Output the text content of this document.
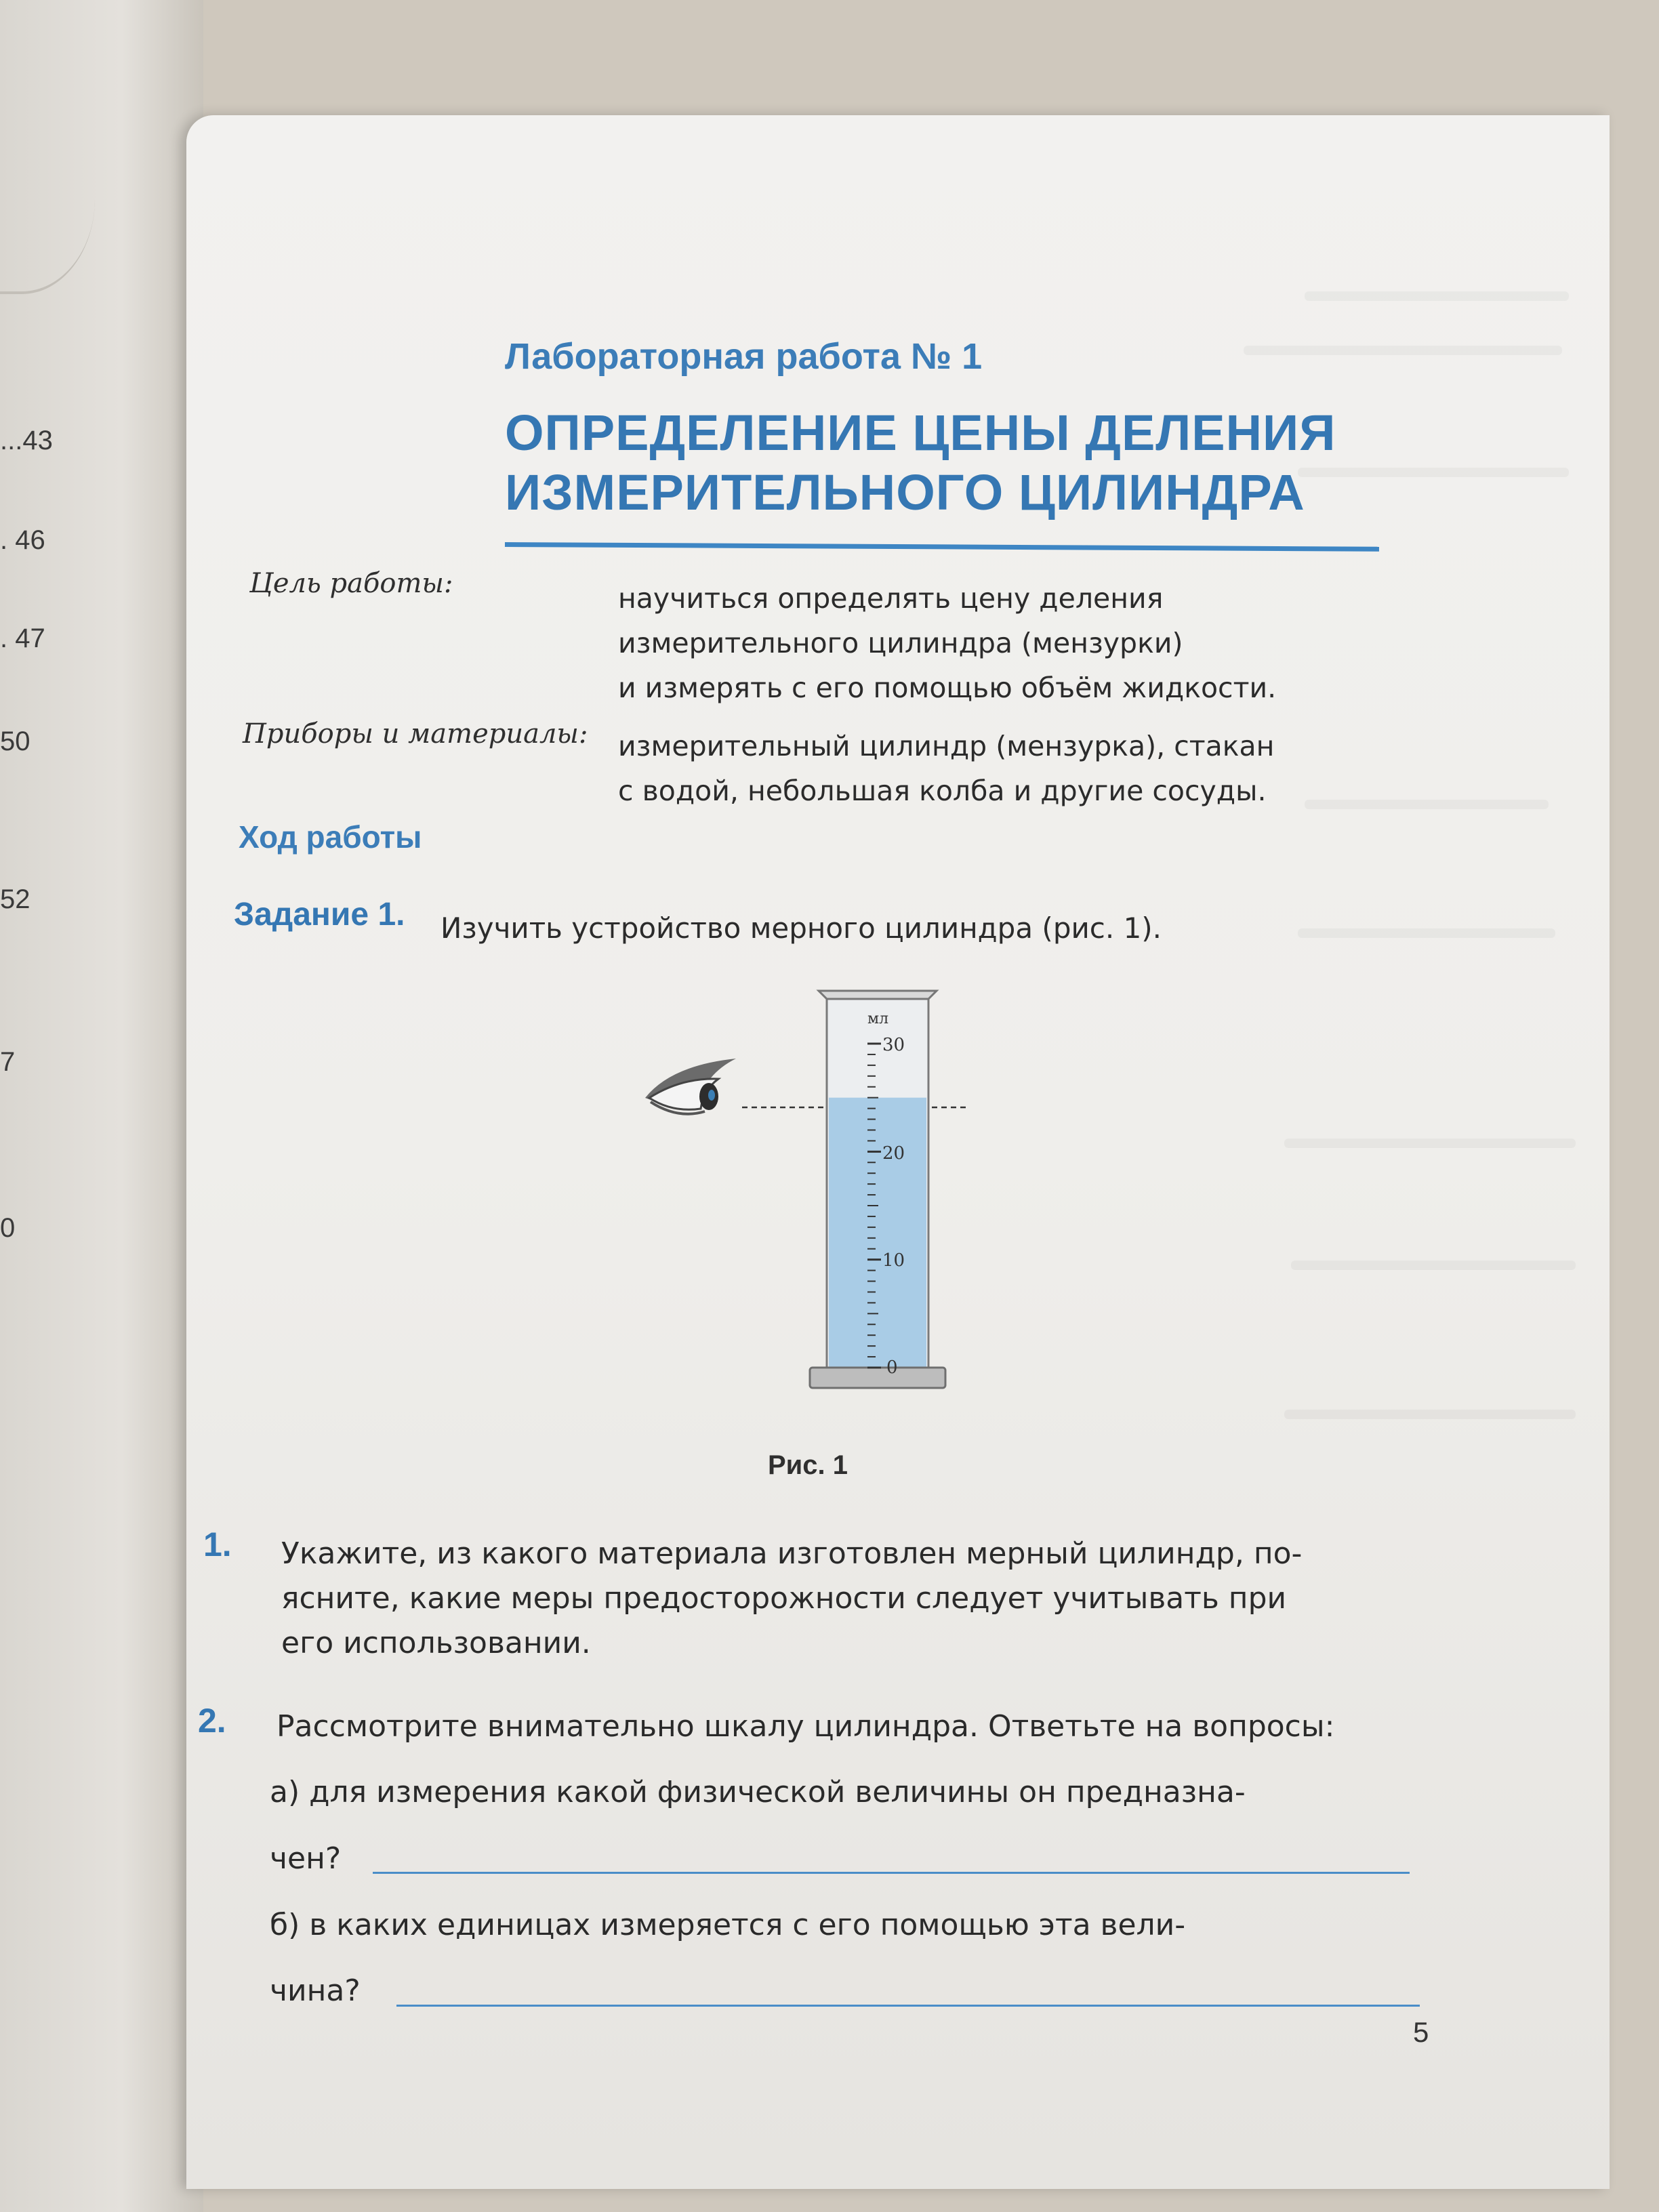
...43
. 46
. 47
50
52
7
0
Лабораторная работа № 1
ОПРЕДЕЛЕНИЕ ЦЕНЫ ДЕЛЕНИЯ
ИЗМЕРИТЕЛЬНОГО ЦИЛИНДРА
Цель работы:	научиться определять цену деления
измерительного цилиндра (мензурки)
и измерять с его помощью объём жидкости.
Приборы и материалы: измерительный цилиндр (мензурка), стакан
с водой, небольшая колба и другие сосуды.
Ход работы
Задание 1. Изучить устройство мерного цилиндра (рис. 1).
мл
30
20
10
0
Рис. 1
1. Укажите, из какого материала изготовлен мерный цилиндр, по-
ясните, какие меры предосторожности следует учитывать при
его использовании.
2. Рассмотрите внимательно шкалу цилиндра. Ответьте на вопросы:
а) для измерения какой физической величины он предназна-
чен?
б) в каких единицах измеряется с его помощью эта вели-
чина?
5
